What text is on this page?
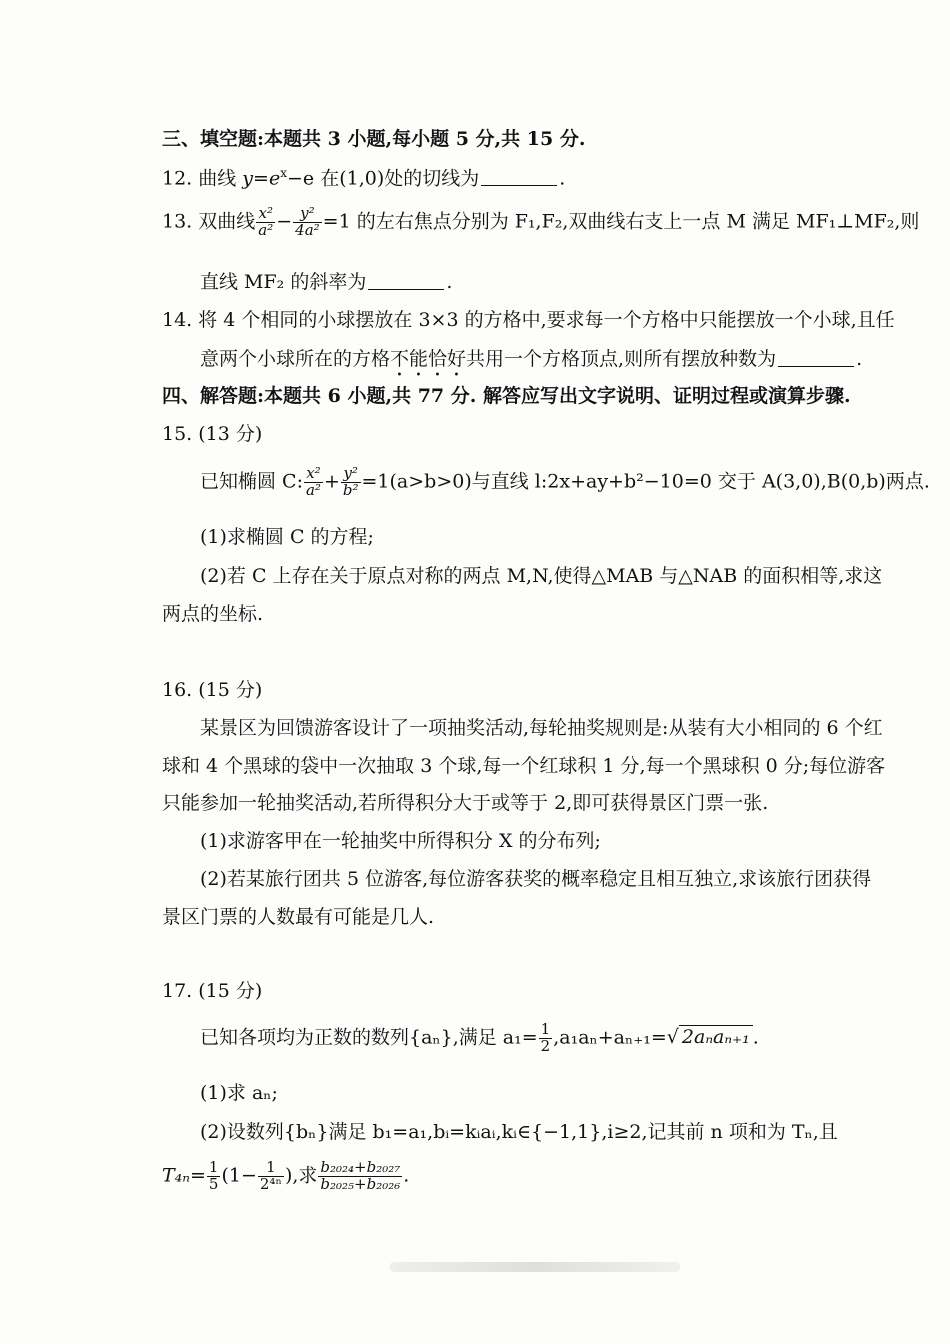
三、填空题:本题共 3 小题,每小题 5 分,共 15 分.
12. 曲线 $y=e^x-e$ 在(1,0)处的切线为	.
13. 双曲线 $\frac{\text{x²}}{\text{a²}} - \frac{\text{y²}}{\text{4a²}} =1$ 的左右焦点分别为 F₁,F₂,双曲线右支上一点 M 满足 MF₁⊥MF₂,则
直线 MF₂ 的斜率为	.
14. 将 4 个相同的小球摆放在 3×3 的方格中,要求每一个方格中只能摆放一个小球,且任
意两个小球所在的方格不能恰好共用一个方格顶点,则所有摆放种数为	.
四、解答题:本题共 6 小题,共 77 分. 解答应写出文字说明、证明过程或演算步骤.
15. (13 分)
已知椭圆 C: $\frac{\text{x²}}{\text{a²}} + \frac{\text{y²}}{\text{b²}} =1(a>b>0)$与直线 l:2x+ay+b²−10=0 交于 A(3,0),B(0,b)两点.
(1)求椭圆 C 的方程;
(2)若 C 上存在关于原点对称的两点 M,N,使得△MAB 与△NAB 的面积相等,求这
两点的坐标.
16. (15 分)
某景区为回馈游客设计了一项抽奖活动,每轮抽奖规则是:从装有大小相同的 6 个红
球和 4 个黑球的袋中一次抽取 3 个球,每一个红球积 1 分,每一个黑球积 0 分;每位游客
只能参加一轮抽奖活动,若所得积分大于或等于 2,即可获得景区门票一张.
(1)求游客甲在一轮抽奖中所得积分 X 的分布列;
(2)若某旅行团共 5 位游客,每位游客获奖的概率稳定且相互独立,求该旅行团获得
景区门票的人数最有可能是几人.
17. (15 分)
已知各项均为正数的数列{aₙ},满足 $a_1= \frac{1}{2} ,a_1a_n+a_{n+1}=√$ 2aₙaₙ₊₁ .
(1)求 aₙ;
(2)设数列{bₙ}满足 b₁=a₁,bᵢ=kᵢaᵢ,kᵢ∈{−1,1},i≥2,记其前 n 项和为 Tₙ,且
$T_{4n}= \frac{1}{5} (1- \frac{1}{\text{2⁴ⁿ}}$ ),求 $\frac{\text{b₂₀₂₄+b₂₀₂₇}}{\text{b₂₀₂₅+b₂₀₂₆}}$ .
